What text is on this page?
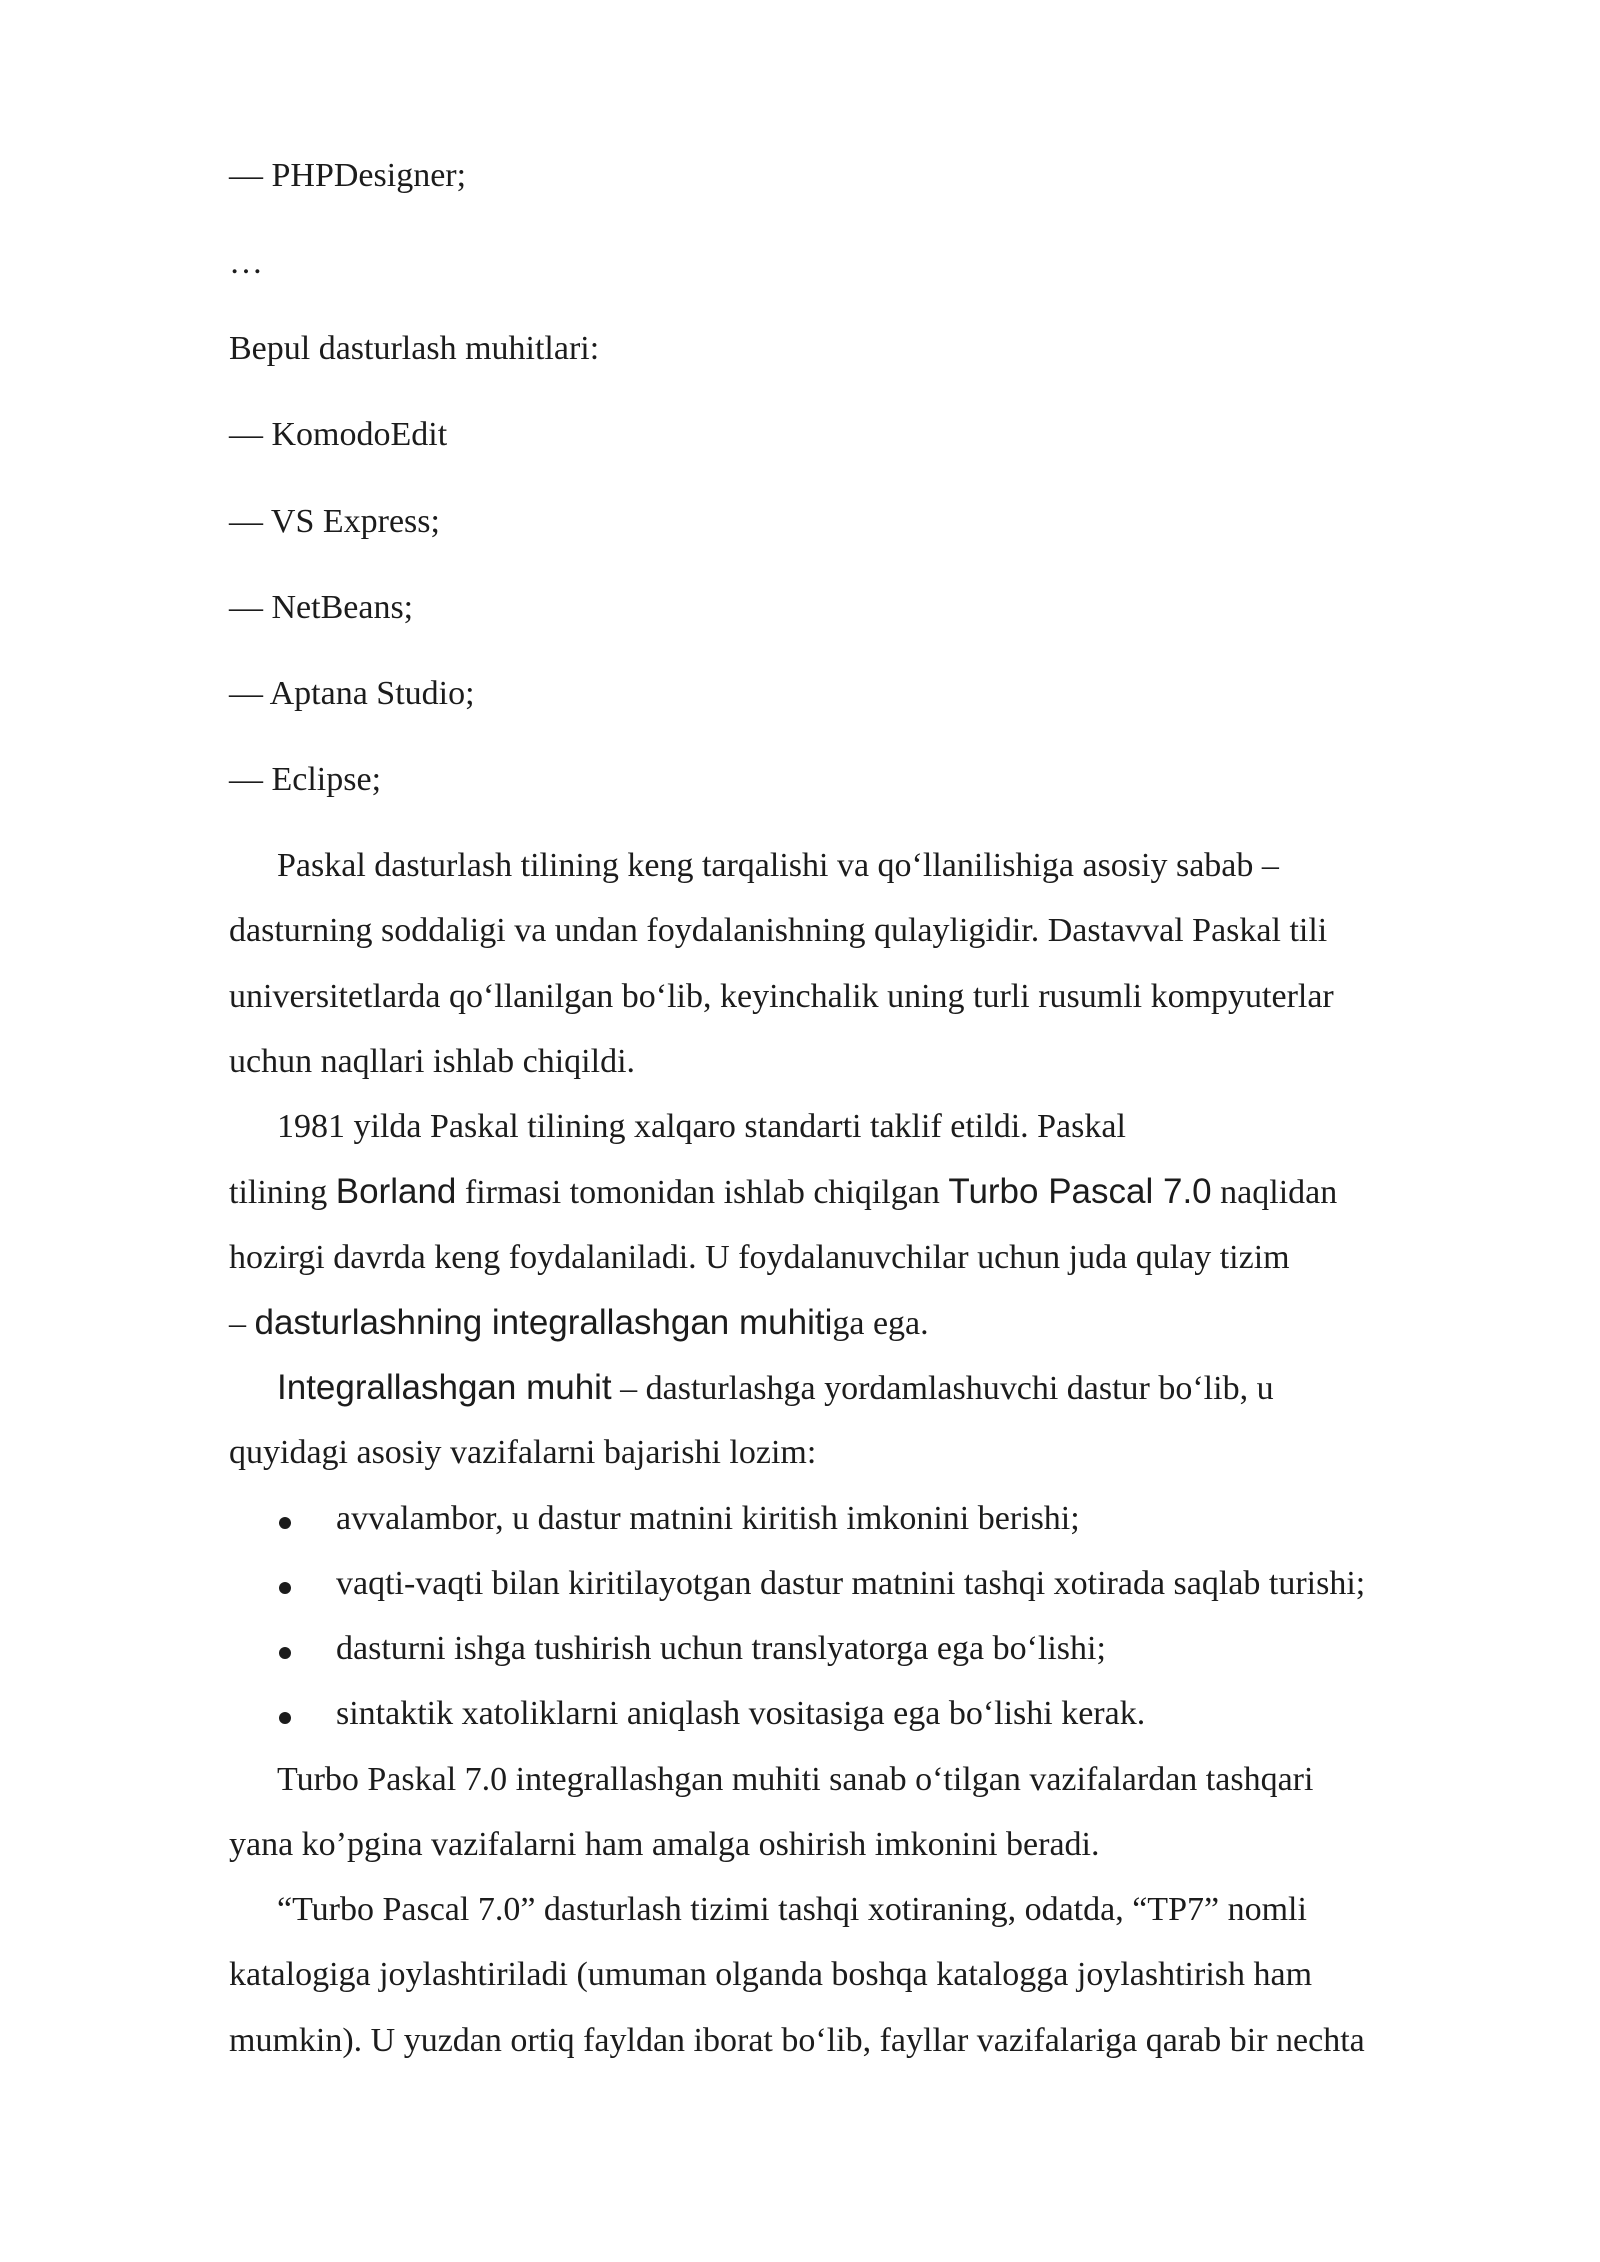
— PHPDesigner;
…
Bepul dasturlash muhitlari:
— KomodoEdit
— VS Express;
— NetBeans;
— Aptana Studio;
— Eclipse;
Paskal dasturlash tilining keng tarqalishi va qoʻllanilishiga asosiy sabab –
dasturning soddaligi va undan foydalanishning qulayligidir. Dastavval Paskal tili
universitetlarda qoʻllanilgan boʻlib, keyinchalik uning turli rusumli kompyuterlar
uchun naqllari ishlab chiqildi.
1981 yilda Paskal tilining xalqaro standarti taklif etildi. Paskal
tilining Borland firmasi tomonidan ishlab chiqilgan Turbo Pascal 7.0 naqlidan
hozirgi davrda keng foydalaniladi. U foydalanuvchilar uchun juda qulay tizim
– dasturlashning integrallashgan muhitiga ega.
Integrallashgan muhit – dasturlashga yordamlashuvchi dastur boʻlib, u
quyidagi asosiy vazifalarni bajarishi lozim:
avvalambor, u dastur matnini kiritish imkonini berishi;
vaqti-vaqti bilan kiritilayotgan dastur matnini tashqi xotirada saqlab turishi;
dasturni ishga tushirish uchun translyatorga ega boʻlishi;
sintaktik xatoliklarni aniqlash vositasiga ega boʻlishi kerak.
Turbo Paskal 7.0 integrallashgan muhiti sanab oʻtilgan vazifalardan tashqari
yana ko’pgina vazifalarni ham amalga oshirish imkonini beradi.
“Turbo Pascal 7.0” dasturlash tizimi tashqi xotiraning, odatda, “TP7” nomli
katalogiga joylashtiriladi (umuman olganda boshqa katalogga joylashtirish ham
mumkin). U yuzdan ortiq fayldan iborat boʻlib, fayllar vazifalariga qarab bir nechta
